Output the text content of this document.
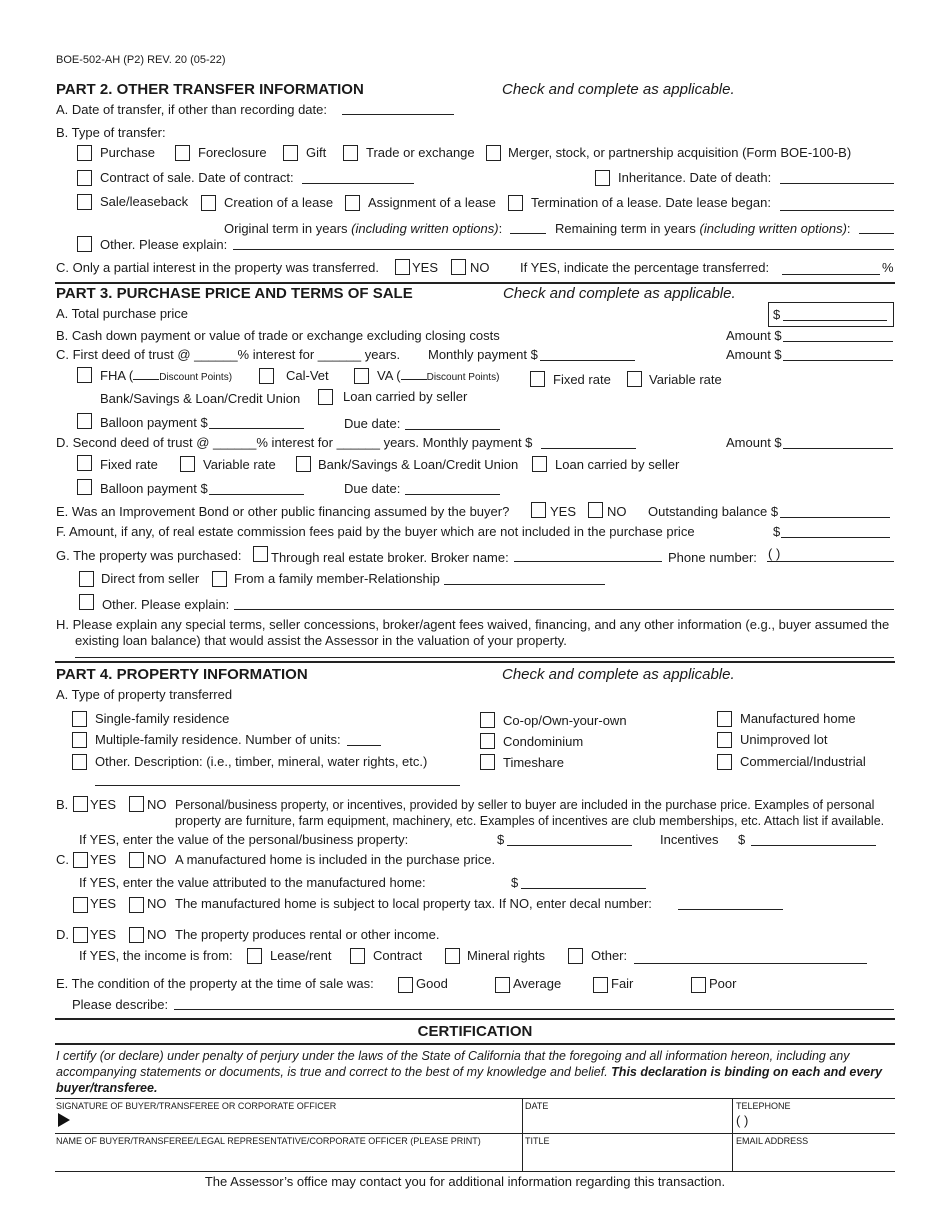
BOE-502-AH (P2) REV. 20 (05-22)
PART 2. OTHER TRANSFER INFORMATION	Check and complete as applicable.
A. Date of transfer, if other than recording date:
B. Type of transfer:
Purchase	Foreclosure	Gift	Trade or exchange	Merger, stock, or partnership acquisition (Form BOE-100-B)
Contract of sale. Date of contract:	Inheritance. Date of death:
Sale/leaseback	Creation of a lease	Assignment of a lease	Termination of a lease. Date lease began:
Original term in years (including written options):	Remaining term in years (including written options):
Other. Please explain:
C. Only a partial interest in the property was transferred.	YES NO If YES, indicate the percentage transferred:	%
PART 3. PURCHASE PRICE AND TERMS OF SALE	Check and complete as applicable.
A. Total purchase price	$
B. Cash down payment or value of trade or exchange excluding closing costs	Amount $
C. First deed of trust @ ______% interest for ______ years. Monthly payment $	Amount $
FHA (	Discount Points)	Cal-Vet	VA (	Discount Points)	Fixed rate	Variable rate
Bank/Savings & Loan/Credit Union	Loan carried by seller
Balloon payment $	Due date:
D. Second deed of trust @ ______% interest for ______ years. Monthly payment $	Amount $
Fixed rate	Variable rate	Bank/Savings & Loan/Credit Union	Loan carried by seller
Balloon payment $	Due date:
E. Was an Improvement Bond or other public financing assumed by the buyer?	YES NO Outstanding balance $
F. Amount, if any, of real estate commission fees paid by the buyer which are not included in the purchase price	$
G. The property was purchased: Through real estate broker. Broker name:	Phone number: ( )
Direct from seller	From a family member-Relationship
Other. Please explain:
H. Please explain any special terms, seller concessions, broker/agent fees waived, financing, and any other information (e.g., buyer assumed the
existing loan balance) that would assist the Assessor in the valuation of your property.
PART 4. PROPERTY INFORMATION	Check and complete as applicable.
A. Type of property transferred
Single-family residence
Multiple-family residence. Number of units:
Other. Description: (i.e., timber, mineral, water rights, etc.)
Co-op/Own-your-own
Condominium
Timeshare
Manufactured home
Unimproved lot
Commercial/Industrial
B. YES NO Personal/business property, or incentives, provided by seller to buyer are included in the purchase price. Examples of personal
property are furniture, farm equipment, machinery, etc. Examples of incentives are club memberships, etc. Attach list if available.
If YES, enter the value of the personal/business property:	$	Incentives $
C. YES NO A manufactured home is included in the purchase price.
If YES, enter the value attributed to the manufactured home:	$
YES NO The manufactured home is subject to local property tax. If NO, enter decal number:
D. YES NO The property produces rental or other income.
If YES, the income is from:	Lease/rent	Contract	Mineral rights	Other:
E. The condition of the property at the time of sale was:	Good	Average	Fair	Poor
Please describe:
CERTIFICATION
I certify (or declare) under penalty of perjury under the laws of the State of California that the foregoing and all information hereon, including any accompanying statements or documents, is true and correct to the best of my knowledge and belief. This declaration is binding on each and every buyer/transferee.
SIGNATURE OF BUYER/TRANSFEREE OR CORPORATE OFFICER	DATE	TELEPHONE
( )
NAME OF BUYER/TRANSFEREE/LEGAL REPRESENTATIVE/CORPORATE OFFICER (PLEASE PRINT)	TITLE	EMAIL ADDRESS
The Assessor’s office may contact you for additional information regarding this transaction.
